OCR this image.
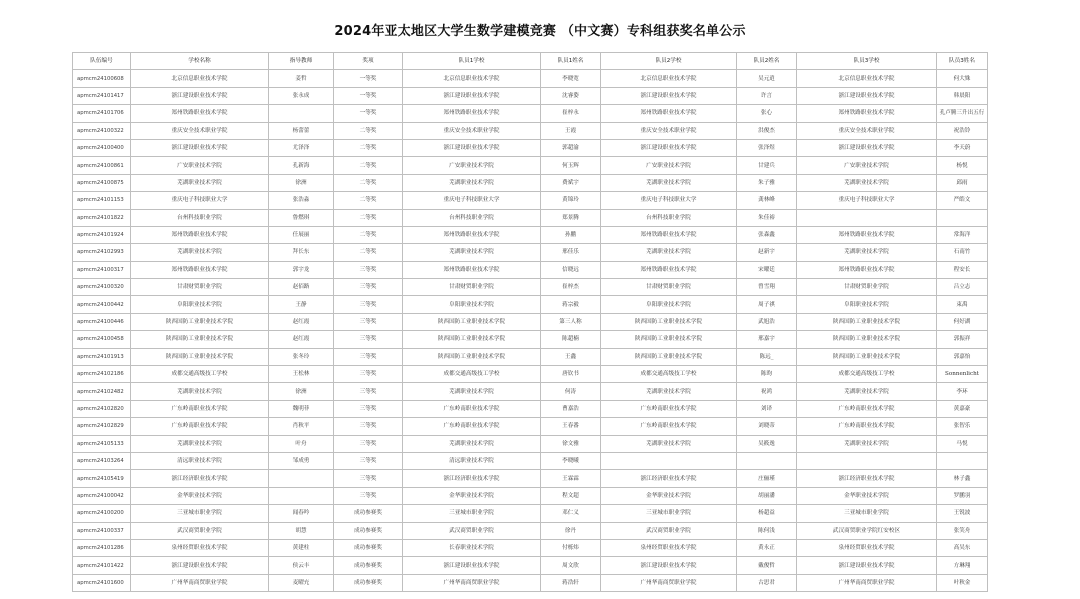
2024年亚太地区大学生数学建模竞赛 （中文赛）专科组获奖名单公示
队伍编号	学校名称	指导教师	奖项	队员1学校	队员1姓名	队员2学校	队员2姓名	队员3学校	队员3姓名
apmcm24100608	北京信息职业技术学院	姜哲	一等奖	北京信息职业技术学院	李晓宽	北京信息职业技术学院	吴元逍	北京信息职业技术学院	何大姝
apmcm24101417	浙江建设职业技术学院	张永成	一等奖	浙江建设职业技术学院	沈睿姿	浙江建设职业技术学院	许言	浙江建设职业技术学院	韩晨阳
apmcm24101706	郑州铁路职业技术学院		一等奖	郑州铁路职业技术学院	崔梓永	郑州铁路职业技术学院	张心	郑州铁路职业技术学院	孔卢腾三升出五行
apmcm24100322	重庆安全技术职业学院	杨蕾蕾	二等奖	重庆安全技术职业学院	王霞	重庆安全技术职业学院	洪俊杰	重庆安全技术职业学院	祝浩铃
apmcm24100400	浙江建设职业技术学院	尤泽泽	二等奖	浙江建设职业技术学院	郭超渝	浙江建设职业技术学院	张泽煜	浙江建设职业技术学院	李天蔚
apmcm24100861	广安职业技术学院	孔新海	二等奖	广安职业技术学院	何玉辉	广安职业技术学院	甘建兵	广安职业技术学院	杨悦
apmcm24100875	芜湖职业技术学院	徐洲	二等奖	芜湖职业技术学院	费斌宇	芜湖职业技术学院	朱子雅	芜湖职业技术学院	邱雨
apmcm24101153	重庆电子科技职业大学	张浩淼	二等奖	重庆电子科技职业大学	黄锦玲	重庆电子科技职业大学	龚林峰	重庆电子科技职业大学	严皓文
apmcm24101822	台州科技职业学院	鲁燃琪	二等奖	台州科技职业学院	郑景腾	台州科技职业学院	朱佳裕		
apmcm24101924	郑州铁路职业技术学院	任展丽	二等奖	郑州铁路职业技术学院	孙鹏	郑州铁路职业技术学院	张森鑫	郑州铁路职业技术学院	常海洋
apmcm24102993	芜湖职业技术学院	拜长东	二等奖	芜湖职业技术学院	邢佳乐	芜湖职业技术学院	赵新宇	芜湖职业技术学院	石南竹
apmcm24100317	郑州铁路职业技术学院	郭宇龙	三等奖	郑州铁路职业技术学院	信晓远	郑州铁路职业技术学院	宋曜廷	郑州铁路职业技术学院	程安长
apmcm24100320	甘肃财贸职业学院	赵佰路	三等奖	甘肃财贸职业学院	崔梓杰	甘肃财贸职业学院	曾雪翔	甘肃财贸职业学院	吕立志
apmcm24100442	阜阳职业技术学院	王静	三等奖	阜阳职业技术学院	蒋宗毅	阜阳职业技术学院	周子祺	阜阳职业技术学院	束禹
apmcm24100446	陕西国防工业职业技术学院	赵红霞	三等奖	陕西国防工业职业技术学院	第三人称	陕西国防工业职业技术学院	武旭浩	陕西国防工业职业技术学院	何好湖
apmcm24100458	陕西国防工业职业技术学院	赵红霞	三等奖	陕西国防工业职业技术学院	陈超楠	陕西国防工业职业技术学院	邢嘉宇	陕西国防工业职业技术学院	郭振祥
apmcm24101913	陕西国防工业职业技术学院	张冬玲	三等奖	陕西国防工业职业技术学院	王鑫	陕西国防工业职业技术学院	陈远_	陕西国防工业职业技术学院	郭嘉怡
apmcm24102186	成都交通高级技工学校	王松林	三等奖	成都交通高级技工学校	唐钦书	成都交通高级技工学校	陈昀	成都交通高级技工学校	Sonnenlicht
apmcm24102482	芜湖职业技术学院	徐洲	三等奖	芜湖职业技术学院	何涛	芜湖职业技术学院	祝鸿	芜湖职业技术学院	李环
apmcm24102820	广东岭南职业技术学院	魏明菲	三等奖	广东岭南职业技术学院	曹嘉浩	广东岭南职业技术学院	刘译	广东岭南职业技术学院	黄嘉豪
apmcm24102829	广东岭南职业技术学院	肖秋平	三等奖	广东岭南职业技术学院	王春番	广东岭南职业技术学院	刘晓蒂	广东岭南职业技术学院	张智乐
apmcm24105133	芜湖职业技术学院	叶舟	三等奖	芜湖职业技术学院	徐文雅	芜湖职业技术学院	吴筱逸	芜湖职业技术学院	马悦
apmcm24103264	清远职业技术学院	邹成勇	三等奖	清远职业技术学院	李晓曦				
apmcm24105419	浙江经济职业技术学院		三等奖	浙江经济职业技术学院	王霖霖	浙江经济职业技术学院	庄俪瑾	浙江经济职业技术学院	林子鑫
apmcm24100042	金华职业技术学院		三等奖	金华职业技术学院	程文超	金华职业技术学院	胡丽潘	金华职业技术学院	罗鹏羽
apmcm24100200	三亚城市职业学院	闻春吟	成功参赛奖	三亚城市职业学院	邓仁义	三亚城市职业学院	杨超益	三亚城市职业学院	王锐波
apmcm24100337	武汉商贸职业学院	胡慧	成功参赛奖	武汉商贸职业学院	徐丹	武汉商贸职业学院	陈何浅	武汉商贸职业学院红安校区	张笑舟
apmcm24101286	泉州经贸职业技术学院	黄建柱	成功参赛奖	长春职业技术学院	付栎炜	泉州经贸职业技术学院	黄永正	泉州经贸职业技术学院	高吴东
apmcm24101422	浙江建设职业技术学院	侯云丰	成功参赛奖	浙江建设职业技术学院	周文欣	浙江建设职业技术学院	戴俊哲	浙江建设职业技术学院	方琳翔
apmcm24101600	广州华南商贸职业学院	麦曜充	成功参赛奖	广州华南商贸职业学院	蒋浩轩	广州华南商贸职业学院	古思君	广州华南商贸职业学院	叶秋金
